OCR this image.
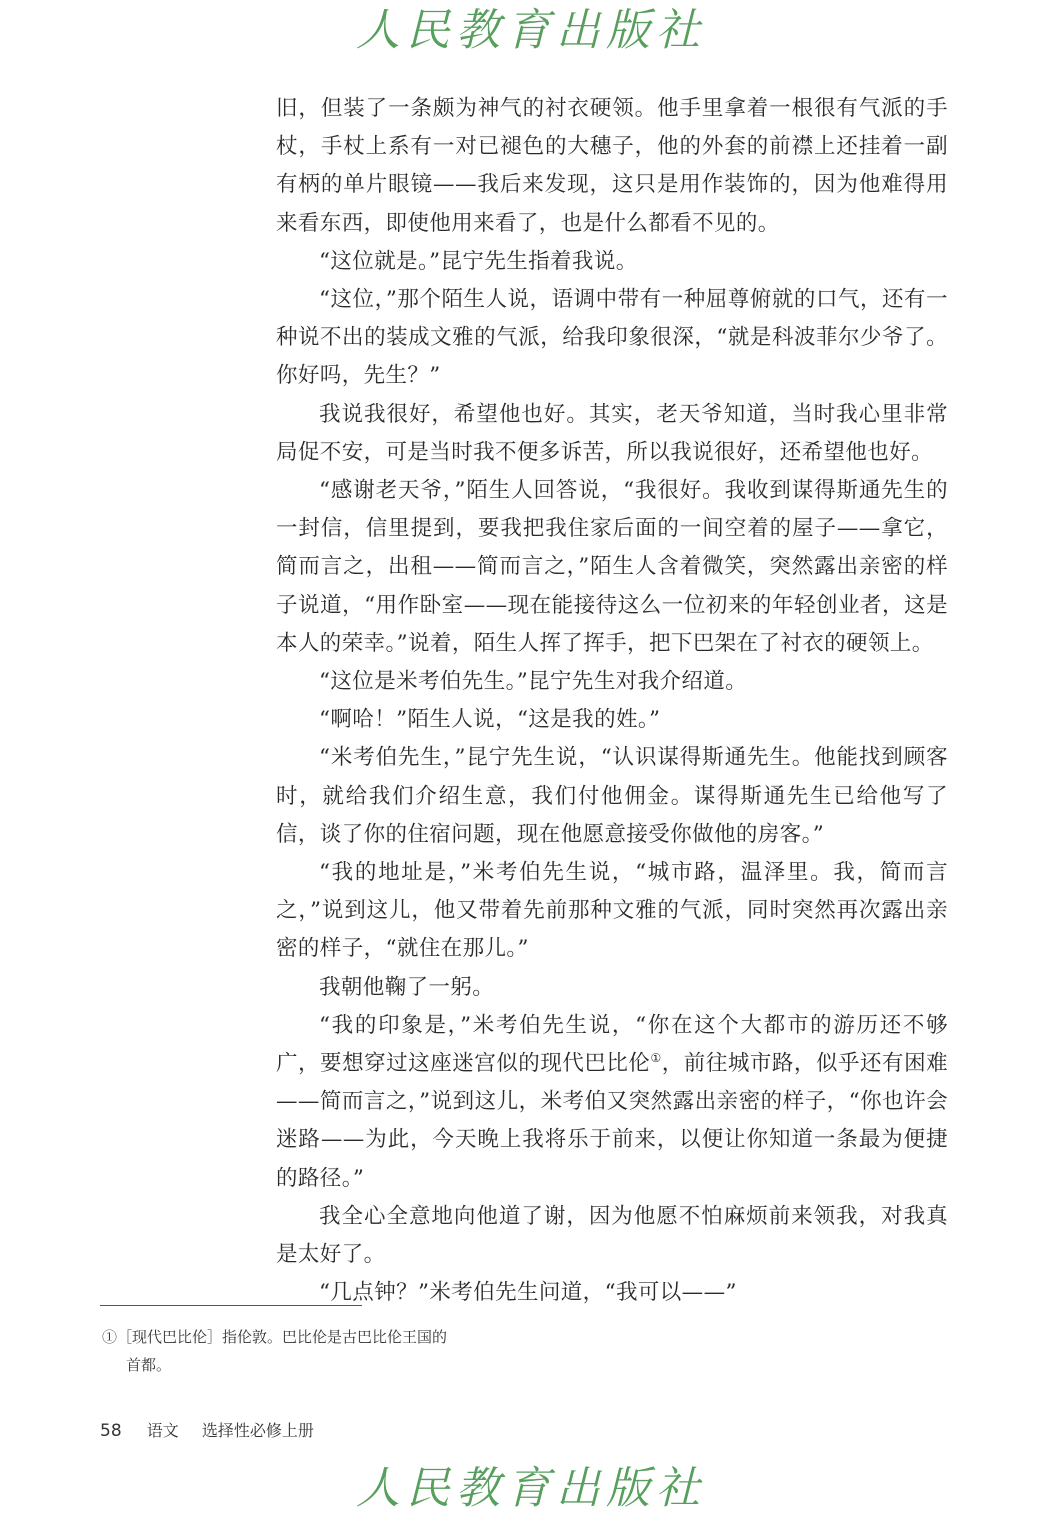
人民教育出版社

旧，但装了一条颇为神气的衬衣硬领。他手里拿着一根很有气派的手杖，手杖上系有一对已褪色的大穗子，他的外套的前襟上还挂着一副有柄的单片眼镜——我后来发现，这只是用作装饰的，因为他难得用来看东西，即使他用来看了，也是什么都看不见的。

“这位就是。”昆宁先生指着我说。

“这位，”那个陌生人说，语调中带有一种屈尊俯就的口气，还有一种说不出的装成文雅的气派，给我印象很深，“就是科波菲尔少爷了。你好吗，先生？”

我说我很好，希望他也好。其实，老天爷知道，当时我心里非常局促不安，可是当时我不便多诉苦，所以我说很好，还希望他也好。

“感谢老天爷，”陌生人回答说，“我很好。我收到谋得斯通先生的一封信，信里提到，要我把我住家后面的一间空着的屋子——拿它，简而言之，出租——简而言之，”陌生人含着微笑，突然露出亲密的样子说道，“用作卧室——现在能接待这么一位初来的年轻创业者，这是本人的荣幸。”说着，陌生人挥了挥手，把下巴架在了衬衣的硬领上。

“这位是米考伯先生。”昆宁先生对我介绍道。

“啊哈！”陌生人说，“这是我的姓。”

“米考伯先生，”昆宁先生说，“认识谋得斯通先生。他能找到顾客时，就给我们介绍生意，我们付他佣金。谋得斯通先生已给他写了信，谈了你的住宿问题，现在他愿意接受你做他的房客。”

“我的地址是，”米考伯先生说，“城市路，温泽里。我，简而言之，”说到这儿，他又带着先前那种文雅的气派，同时突然再次露出亲密的样子，“就住在那儿。”

我朝他鞠了一躬。

“我的印象是，”米考伯先生说，“你在这个大都市的游历还不够广，要想穿过这座迷宫似的现代巴比伦①，前往城市路，似乎还有困难——简而言之，”说到这儿，米考伯又突然露出亲密的样子，“你也许会迷路——为此，今天晚上我将乐于前来，以便让你知道一条最为便捷的路径。”

我全心全意地向他道了谢，因为他愿不怕麻烦前来领我，对我真是太好了。

“几点钟？”米考伯先生问道，“我可以——”

①［现代巴比伦］指伦敦。巴比伦是古巴比伦王国的
首都。
58 语文 选择性必修上册
人民教育出版社
